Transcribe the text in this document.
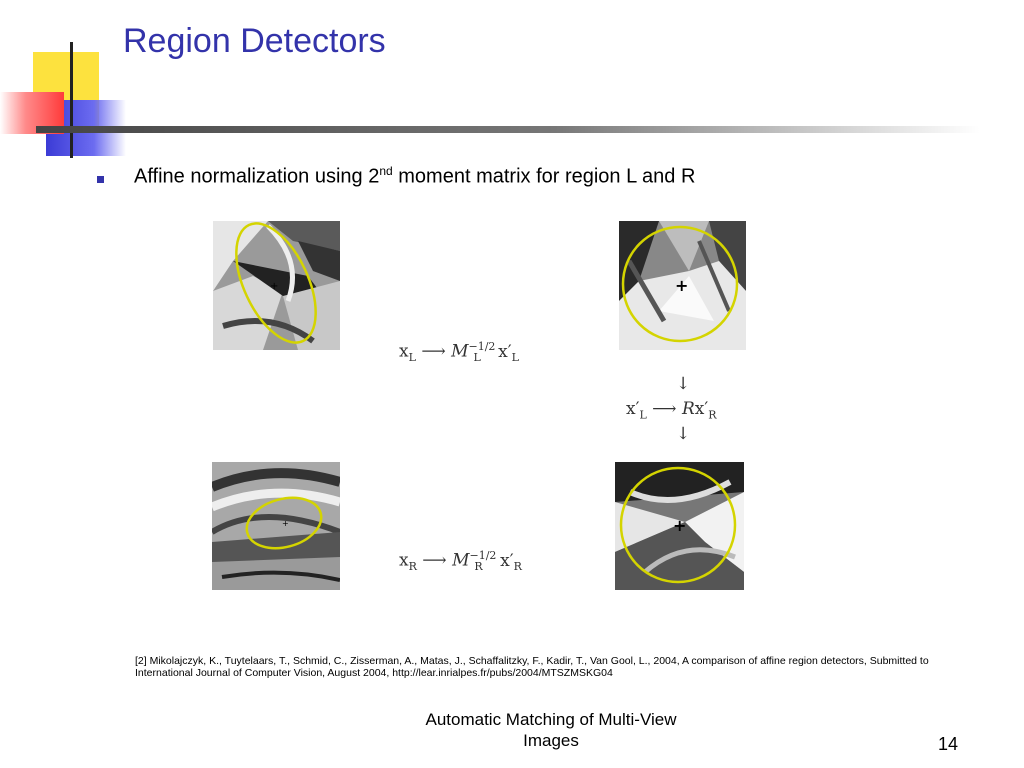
Region Detectors
Affine normalization using 2nd moment matrix for region L and R
+	+
+	+
$x_L$ ⟶ $M^{-1/2}_L$ $x'_L$
↓
$x'_L$ ⟶ $Rx'_R$
↓
$x_R$ ⟶ $M^{-1/2}_R$ $x'_R$
[2] Mikolajczyk, K., Tuytelaars, T., Schmid, C., Zisserman, A., Matas, J., Schaffalitzky, F., Kadir, T., Van Gool, L., 2004, A comparison of affine region detectors, Submitted to International Journal of Computer Vision, August 2004, http://lear.inrialpes.fr/pubs/2004/MTSZMSKG04
Automatic Matching of Multi-View Images	14
